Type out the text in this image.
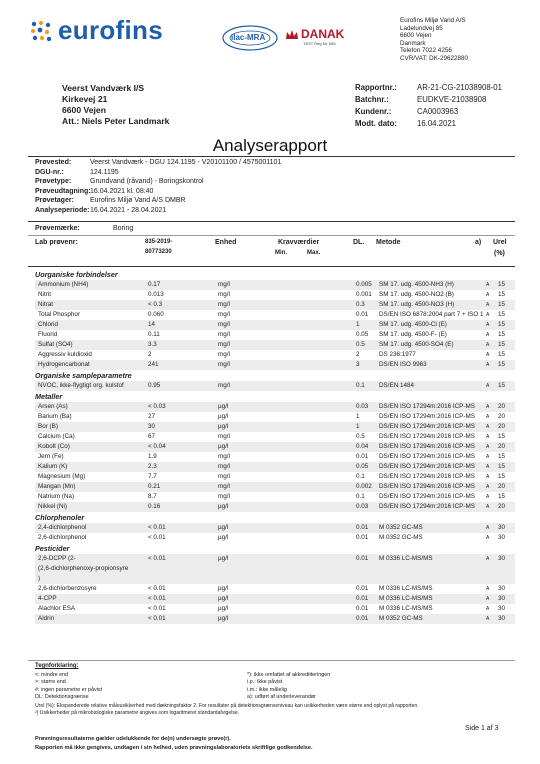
eurofins	ilac-MRA	DANAK
TEST Reg.Nr. 555
Eurofins Miljø Vand A/S
Ladelundvej 85
6600 Vejen
Danmark
Telefon 7022 4256
CVR/VAT: DK-29622880
Veerst Vandværk I/S
Kirkevej 21
6600 Vejen
Att.: Niels Peter Landmark
Rapportnr.:	AR-21-CG-21038908-01
Batchnr.:	EUDKVE-21038908
Kundenr.:	CA0003963
Modt. dato:	16.04.2021
Analyserapport
Prøvested:	Veerst Vandværk - DGU 124.1195 - V20101100 / 4575001101
DGU-nr.:	124.1195
Prøvetype:	Grundvand (råvand) - Boringskontrol
Prøveudtagning: 16.04.2021 kl. 08:40
Prøvetager: Eurofins Miljø Vand A/S DMBR
Analyseperiode: 16.04.2021 - 28.04.2021
Prøvemærke:	Boring
Lab prøvenr:	835-2019-
80773230
Enhed	Kravværdier
Min.	Max.
DL. Metode	a) Urel
(%)
Uorganiske forbindelser
Ammonium (NH4)	0.17	mg/l	0.005 SM 17. udg. 4500-NH3 (H)	A 15
Nitrit	0.013	mg/l	0.001 SM 17. udg. 4500-NO2 (B)	A 15
Nitrat	< 0.3	mg/l	0.3 SM 17. udg. 4500-NO3 (H)	A 15
Total Phosphor	0.060	mg/l	0.01 DS/EN ISO 6878:2004 part 7 + ISO 1 A 15
Chlorid	14	mg/l	1	SM 17. udg. 4500-Cl (E)	A 15
Fluorid	0.11	mg/l	0.05 SM 17. udg. 4500-F- (E)	A 15
Sulfat (SO4)	3.3	mg/l	0.5 SM 17. udg. 4500-SO4 (E)	A 15
Aggressiv kuldioxid	2	mg/l	2	DS 236:1977	A 15
Hydrogencarbonat	241	mg/l	3	DS/EN ISO 9963	A 15
Organiske sampleparametre
NVOC, ikke-flygtigt org. kulstof	0.95	mg/l	0.1 DS/EN 1484	A 15
Metaller
Arsen (As)	< 0.03	µg/l	0.03 DS/EN ISO 17294m:2016 ICP-MS A 20
Barium (Ba)	27	µg/l	1	DS/EN ISO 17294m:2016 ICP-MS A 20
Bor (B)	30	µg/l	1	DS/EN ISO 17294m:2016 ICP-MS A 20
Calcium (Ca)	67	mg/l	0.5 DS/EN ISO 17294m:2016 ICP-MS A 15
Kobolt (Co)	< 0.04	µg/l	0.04 DS/EN ISO 17294m:2016 ICP-MS A 20
Jern (Fe)	1.9	mg/l	0.01 DS/EN ISO 17294m:2016 ICP-MS A 15
Kalium (K)	2.3	mg/l	0.05 DS/EN ISO 17294m:2016 ICP-MS A 15
Magnesium (Mg)	7.7	mg/l	0.1 DS/EN ISO 17294m:2016 ICP-MS A 15
Mangan (Mn)	0.21	mg/l	0.002 DS/EN ISO 17294m:2016 ICP-MS A 20
Natrium (Na)	8.7	mg/l	0.1 DS/EN ISO 17294m:2016 ICP-MS A 15
Nikkel (Ni)	0.16	µg/l	0.03 DS/EN ISO 17294m:2016 ICP-MS A 20
Chlorphenoler
2,4-dichlorphenol	< 0.01	µg/l	0.01 M 0352 GC-MS	A 30
2,6-dichlorphenol	< 0.01	µg/l	0.01 M 0352 GC-MS	A 30
Pesticider
2,6-DCPP (2-
(2,6-dichlorphenoxy-propionsyre
)
< 0.01	µg/l	0.01 M 0336 LC-MS/MS	A 30
2,6-dichlorbenzosyre	< 0.01	µg/l	0.01 M 0336 LC-MS/MS	A 30
4-CPP	< 0.01	µg/l	0.01 M 0336 LC-MS/MS	A 30
Alachlor ESA	< 0.01	µg/l	0.01 M 0336 LC-MS/MS	A 30
Aldrin	< 0.01	µg/l	0.01 M 0352 GC-MS	A 30
Tegnforklaring:
<: mindre end
>: større end
#: ingen parametre er påvist
DL: Detektionsgrænse
*): ikke omfattet af akkreditteringen
i.p.: ikke påvist
i.m.: ikke målelig
a): udført af underleverandør
Urel (%): Ekspanderede relative måleusikkerhed med dækningsfaktor 2. For resultater på detektionsgrænseniveau kan usikkerheden være større end oplyst på rapporten.
²) Usikkerheder på mikrobiologiske parametre angives som logaritmeret standardafvigelse.
Side 1 af 3
Prøvningsresultaterne gælder udelukkende for de(n) undersøgte prøve(r).
Rapporten må ikke gengives, undtagen i sin helhed, uden prøvningslaboratoriets skriftlige godkendelse.
